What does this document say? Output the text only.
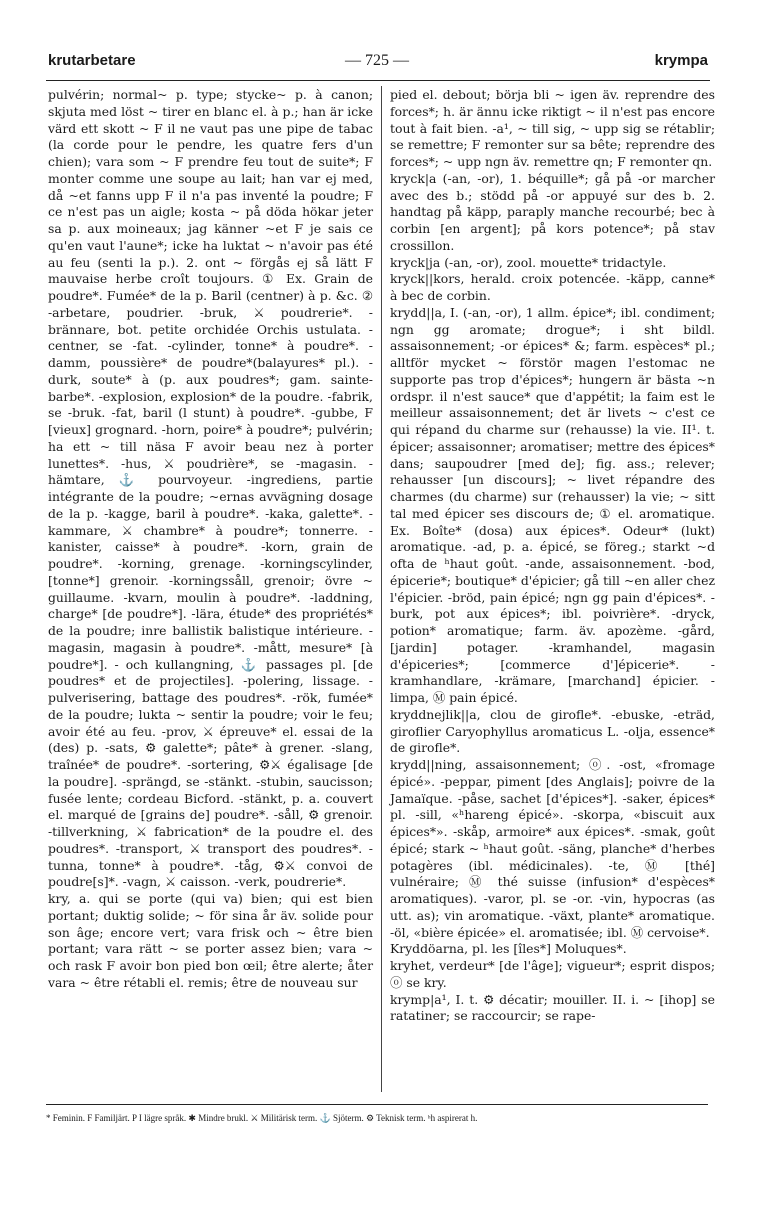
krutarbetare	— 725 —	krympa

pulvérin; normal~ p. type; stycke~ p. à canon; skjuta med löst ~ tirer en blanc el. à p.; han är icke värd ett skott ~ F il ne vaut pas une pipe de tabac (la corde pour le pendre, les quatre fers d'un chien); vara som ~ F prendre feu tout de suite*; F monter comme une soupe au lait; han var ej med, då ~et fanns upp F il n'a pas inventé la poudre; F ce n'est pas un aigle; kosta ~ på döda hökar jeter sa p. aux moineaux; jag känner ~et F je sais ce qu'en vaut l'aune*; icke ha luktat ~ n'avoir pas été au feu (senti la p.). 2. ont ~ förgås ej så lätt F mauvaise herbe croît toujours. ① Ex. Grain de poudre*. Fumée* de la p. Baril (centner) à p. &c. ② -arbetare, poudrier. -bruk, ⚔ poudrerie*. -brännare, bot. petite orchidée Orchis ustulata. -centner, se -fat. -cylinder, tonne* à poudre*. -damm, poussière* de poudre*(balayures* pl.). -durk, soute* à (p. aux poudres*; gam. sainte-barbe*. -explosion, explosion* de la poudre. -fabrik, se -bruk. -fat, baril (l stunt) à poudre*. -gubbe, F [vieux] grognard. -horn, poire* à poudre*; pulvérin; ha ett ~ till näsa F avoir beau nez à porter lunettes*. -hus, ⚔ poudrière*, se -magasin. -hämtare, ⚓ pourvoyeur. -ingrediens, partie intégrante de la poudre; ~ernas avvägning dosage de la p. -kagge, baril à poudre*. -kaka, galette*. -kammare, ⚔ chambre* à poudre*; tonnerre. -kanister, caisse* à poudre*. -korn, grain de poudre*. -korning, grenage. -korningscylinder, [tonne*] grenoir. -korningssåll, grenoir; övre ~ guillaume. -kvarn, moulin à poudre*. -laddning, charge* [de poudre*]. -lära, étude* des propriétés* de la poudre; inre ballistik balistique intérieure. -magasin, magasin à poudre*. -mått, mesure* [à poudre*]. - och kullangning, ⚓ passages pl. [de poudres* et de projectiles]. -polering, lissage. -pulverisering, battage des poudres*. -rök, fumée* de la poudre; lukta ~ sentir la poudre; voir le feu; avoir été au feu. -prov, ⚔ épreuve* el. essai de la (des) p. -sats, ⚙ galette*; pâte* à grener. -slang, traînée* de poudre*. -sortering, ⚙⚔ égalisage [de la poudre]. -sprängd, se -stänkt. -stubin, saucisson; fusée lente; cordeau Bicford. -stänkt, p. a. couvert el. marqué de [grains de] poudre*. -såll, ⚙ grenoir. -tillverkning, ⚔ fabrication* de la poudre el. des poudres*. -transport, ⚔ transport des poudres*. -tunna, tonne* à poudre*. -tåg, ⚙⚔ convoi de poudre[s]*. -vagn, ⚔ caisson. -verk, poudrerie*.

kry, a. qui se porte (qui va) bien; qui est bien portant; duktig solide; ~ för sina år äv. solide pour son âge; encore vert; vara frisk och ~ être bien portant; vara rätt ~ se porter assez bien; vara ~ och rask F avoir bon pied bon œil; être alerte; åter vara ~ être rétabli el. remis; être de nouveau sur

pied el. debout; börja bli ~ igen äv. reprendre des forces*; h. är ännu icke riktigt ~ il n'est pas encore tout à fait bien. -a¹, ~ till sig, ~ upp sig se rétablir; se remettre; F remonter sur sa bête; reprendre des forces*; ~ upp ngn äv. remettre qn; F remonter qn.

kryck|a (-an, -or), 1. béquille*; gå på -or marcher avec des b.; stödd på -or appuyé sur des b. 2. handtag på käpp, paraply manche recourbé; bec à corbin [en argent]; på kors potence*; på stav crossillon.

kryck|ja (-an, -or), zool. mouette* tridactyle.

kryck||kors, herald. croix potencée. -käpp, canne* à bec de corbin.

krydd||a, I. (-an, -or), 1 allm. épice*; ibl. condiment; ngn gg aromate; drogue*; i sht bildl. assaisonnement; -or épices* &; farm. espèces* pl.; alltför mycket ~ förstör magen l'estomac ne supporte pas trop d'épices*; hungern är bästa ~n ordspr. il n'est sauce* que d'appétit; la faim est le meilleur assaisonnement; det är livets ~ c'est ce qui répand du charme sur (rehausse) la vie. II¹. t. épicer; assaisonner; aromatiser; mettre des épices* dans; saupoudrer [med de]; fig. ass.; relever; rehausser [un discours]; ~ livet répandre des charmes (du charme) sur (rehausser) la vie; ~ sitt tal med épicer ses discours de; ① el. aromatique. Ex. Boîte* (dosa) aux épices*. Odeur* (lukt) aromatique. -ad, p. a. épicé, se föreg.; starkt ~d ofta de ʰhaut goût. -ande, assaisonnement. -bod, épicerie*; boutique* d'épicier; gå till ~en aller chez l'épicier. -bröd, pain épicé; ngn gg pain d'épices*. -burk, pot aux épices*; ibl. poivrière*. -dryck, potion* aromatique; farm. äv. apozème. -gård, [jardin] potager. -kramhandel, magasin d'épiceries*; [commerce d']épicerie*. -kramhandlare, -krämare, [marchand] épicier. -limpa, Ⓜ pain épicé.

kryddnejlik||a, clou de girofle*. -ebuske, -eträd, giroflier Caryophyllus aromaticus L. -olja, essence* de girofle*.

krydd||ning, assaisonnement; ⓞ. -ost, «fromage épicé». -peppar, piment [des Anglais]; poivre de la Jamaïque. -påse, sachet [d'épices*]. -saker, épices* pl. -sill, «ʰhareng épicé». -skorpa, «biscuit aux épices*». -skåp, armoire* aux épices*. -smak, goût épicé; stark ~ ʰhaut goût. -säng, planche* d'herbes potagères (ibl. médicinales). -te, Ⓜ [thé] vulnéraire; Ⓜ thé suisse (infusion* d'espèces* aromatiques). -varor, pl. se -or. -vin, hypocras (as utt. as); vin aromatique. -växt, plante* aromatique. -öl, «bière épicée» el. aromatisée; ibl. Ⓜ cervoise*.

Kryddöarna, pl. les [îles*] Moluques*.

kryhet, verdeur* [de l'âge]; vigueur*; esprit dispos; ⓞ se kry.

krymp|a¹, I. t. ⚙ décatir; mouiller. II. i. ~ [ihop] se ratatiner; se raccourcir; se rape-

* Feminin. F Familjärt. P I lägre språk. ✱ Mindre brukl. ⚔ Militärisk term. ⚓ Sjöterm. ⚙ Teknisk term. ʰh aspirerat h.
